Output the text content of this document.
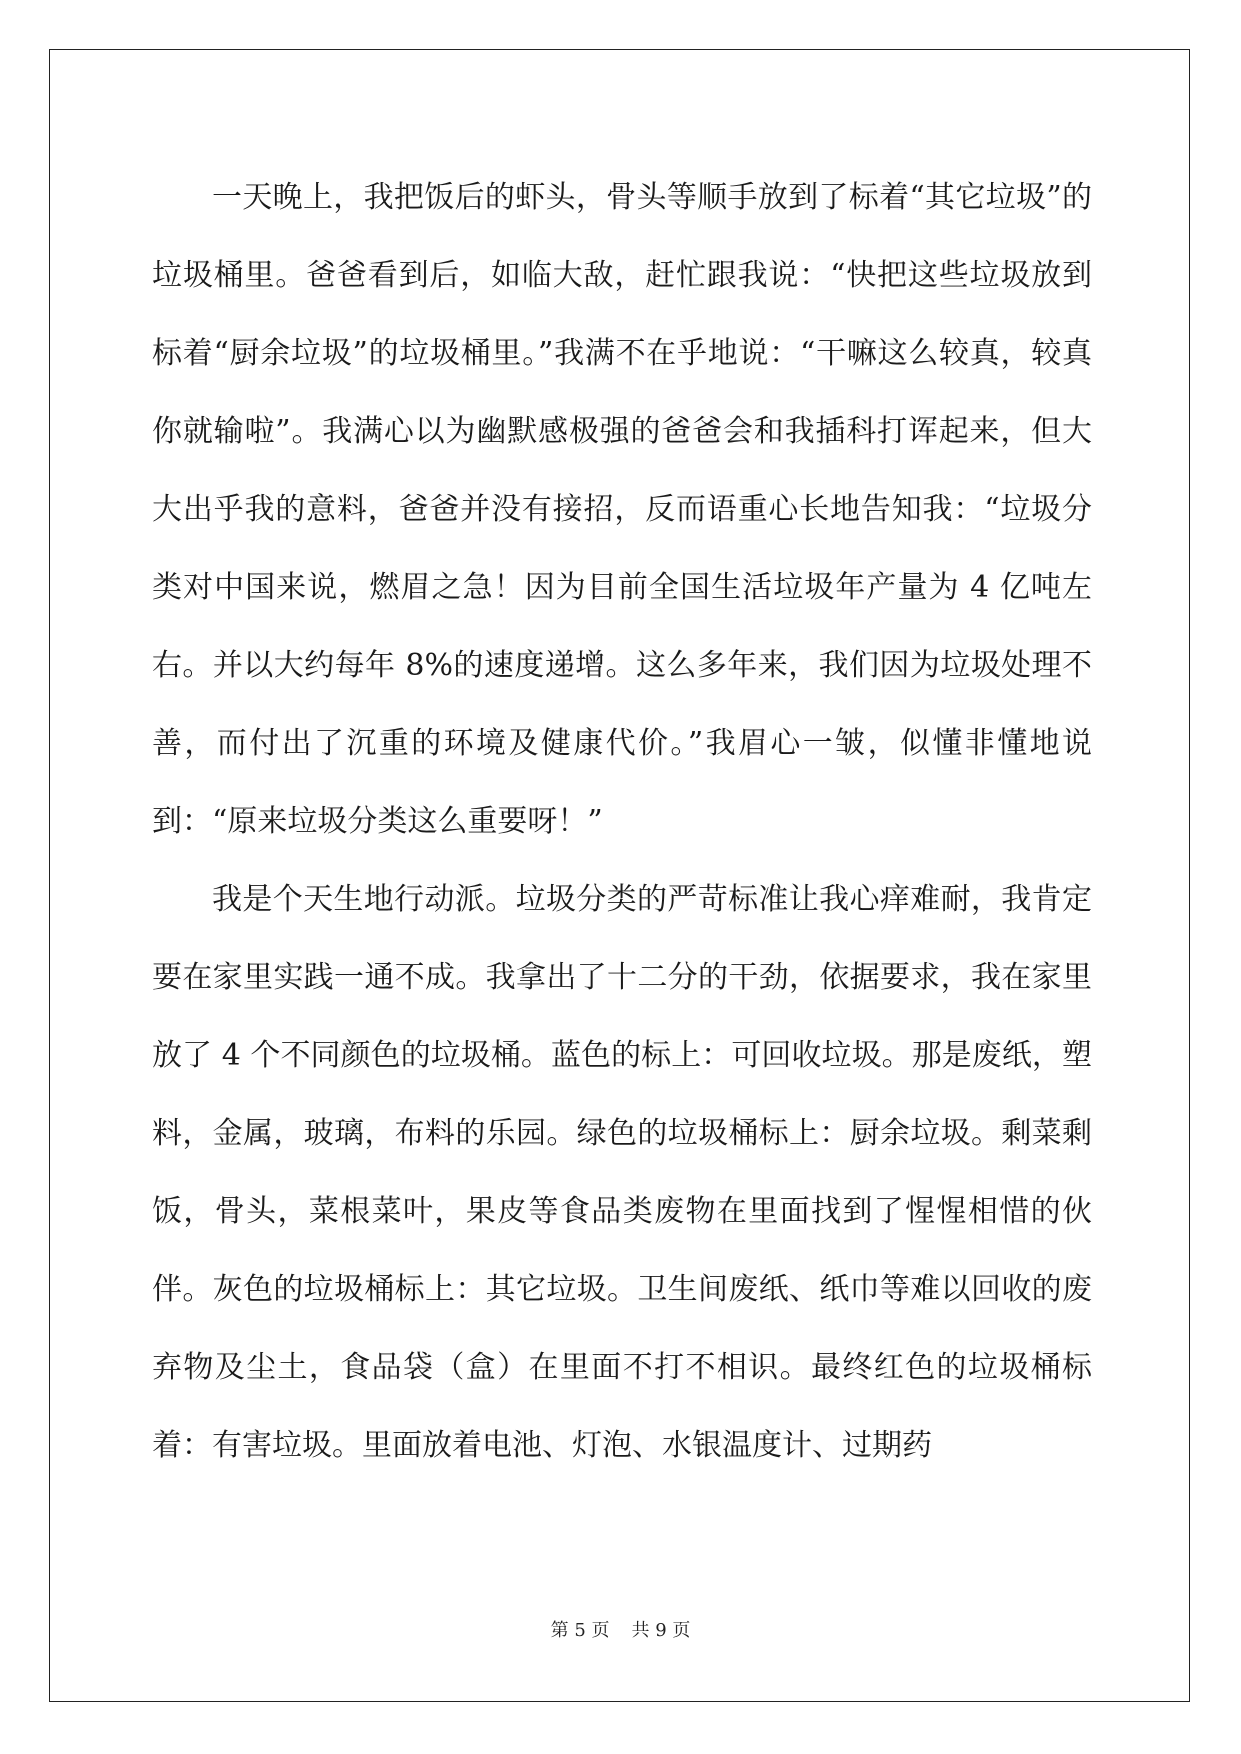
一天晚上，我把饭后的虾头，骨头等顺手放到了标着“其它垃圾”的垃圾桶里。爸爸看到后，如临大敌，赶忙跟我说：“快把这些垃圾放到标着“厨余垃圾”的垃圾桶里。”我满不在乎地说：“干嘛这么较真，较真你就输啦”。我满心以为幽默感极强的爸爸会和我插科打诨起来，但大大出乎我的意料，爸爸并没有接招，反而语重心长地告知我：“垃圾分类对中国来说，燃眉之急！因为目前全国生活垃圾年产量为 4 亿吨左右。并以大约每年 8%的速度递增。这么多年来，我们因为垃圾处理不善，而付出了沉重的环境及健康代价。”我眉心一皱，似懂非懂地说到：“原来垃圾分类这么重要呀！”

我是个天生地行动派。垃圾分类的严苛标准让我心痒难耐，我肯定要在家里实践一通不成。我拿出了十二分的干劲，依据要求，我在家里放了 4 个不同颜色的垃圾桶。蓝色的标上：可回收垃圾。那是废纸，塑料，金属，玻璃，布料的乐园。绿色的垃圾桶标上：厨余垃圾。剩菜剩饭，骨头，菜根菜叶，果皮等食品类废物在里面找到了惺惺相惜的伙伴。灰色的垃圾桶标上：其它垃圾。卫生间废纸、纸巾等难以回收的废弃物及尘土，食品袋（盒）在里面不打不相识。最终红色的垃圾桶标着：有害垃圾。里面放着电池、灯泡、水银温度计、过期药

第 5 页 共 9 页
